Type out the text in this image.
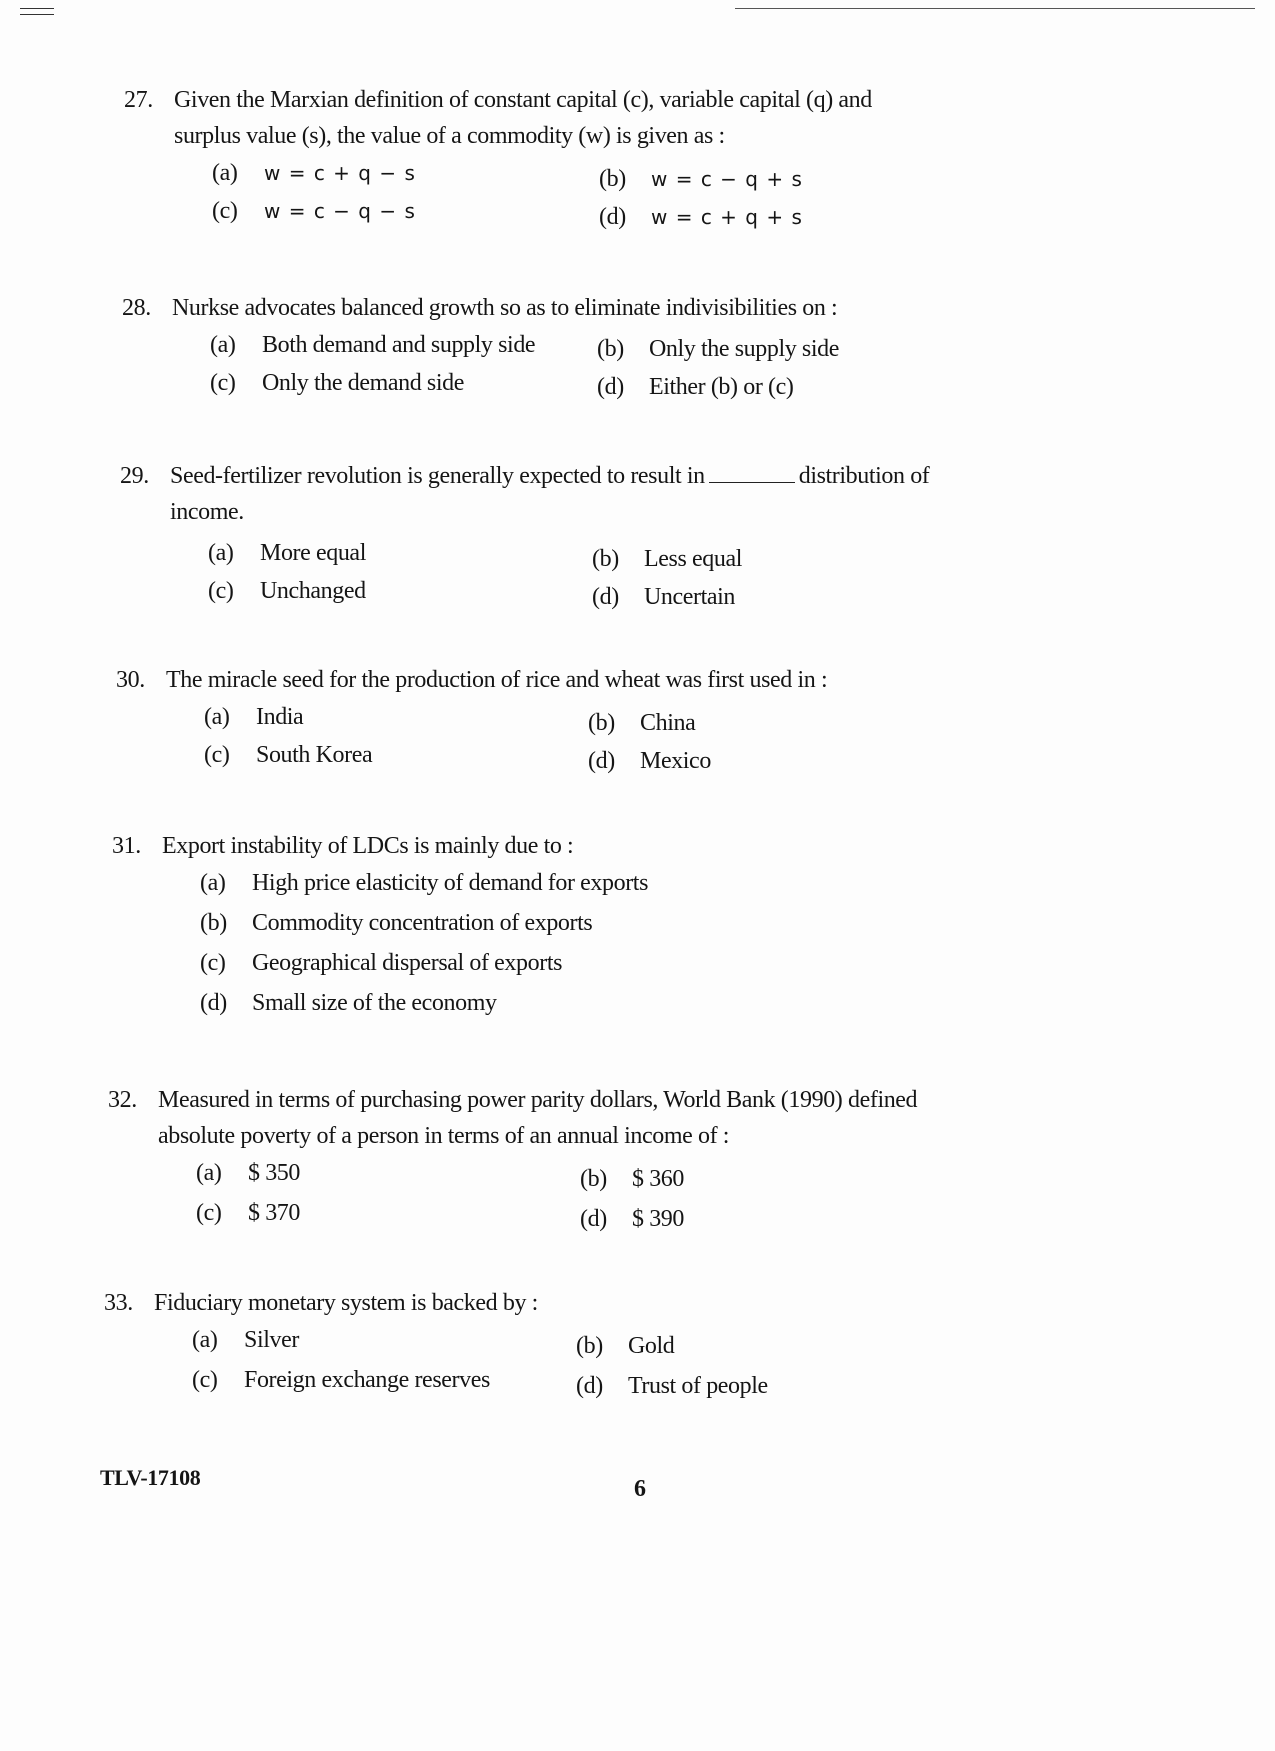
27. Given the Marxian definition of constant capital (c), variable capital (q) and surplus value (s), the value of a commodity (w) is given as :
(a) w = c + q − s	(b) w = c − q + s
(c) w = c − q − s	(d) w = c + q + s
28. Nurkse advocates balanced growth so as to eliminate indivisibilities on :
(a) Both demand and supply side	(b) Only the supply side
(c) Only the demand side	(d) Either (b) or (c)
29. Seed-fertilizer revolution is generally expected to result in	distribution of income.
(a) More equal	(b) Less equal
(c) Unchanged	(d) Uncertain
30. The miracle seed for the production of rice and wheat was first used in :
(a) India	(b) China
(c) South Korea	(d) Mexico
31. Export instability of LDCs is mainly due to :
(a) High price elasticity of demand for exports
(b) Commodity concentration of exports
(c) Geographical dispersal of exports
(d) Small size of the economy
32. Measured in terms of purchasing power parity dollars, World Bank (1990) defined absolute poverty of a person in terms of an annual income of :
(a) $ 350	(b) $ 360
(c) $ 370	(d) $ 390
33. Fiduciary monetary system is backed by :
(a) Silver	(b) Gold
(c) Foreign exchange reserves	(d) Trust of people
TLV-17108	6
